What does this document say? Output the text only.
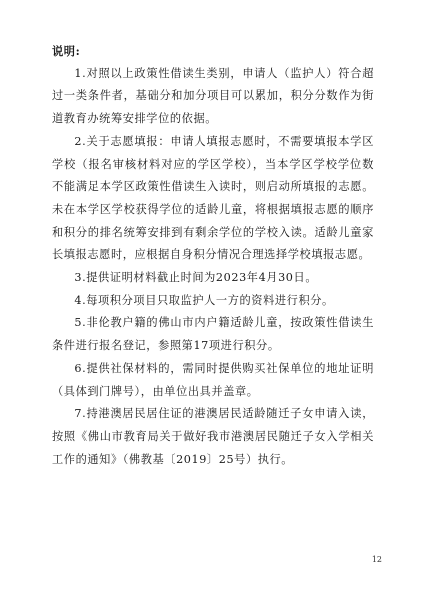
说明:

1.对照以上政策性借读生类别，申请人（监护人）符合超过一类条件者，基础分和加分项目可以累加，积分分数作为街道教育办统筹安排学位的依据。

2.关于志愿填报：申请人填报志愿时，不需要填报本学区学校（报名审核材料对应的学区学校），当本学区学校学位数不能满足本学区政策性借读生入读时，则启动所填报的志愿。未在本学区学校获得学位的适龄儿童，将根据填报志愿的顺序和积分的排名统筹安排到有剩余学位的学校入读。适龄儿童家长填报志愿时，应根据自身积分情况合理选择学校填报志愿。

3.提供证明材料截止时间为2023年4月30日。

4.每项积分项目只取监护人一方的资料进行积分。

5.非伦教户籍的佛山市内户籍适龄儿童，按政策性借读生条件进行报名登记，参照第17项进行积分。

6.提供社保材料的，需同时提供购买社保单位的地址证明（具体到门牌号），由单位出具并盖章。

7.持港澳居民居住证的港澳居民适龄随迁子女申请入读，按照《佛山市教育局关于做好我市港澳居民随迁子女入学相关工作的通知》（佛教基〔2019〕25号）执行。

12
